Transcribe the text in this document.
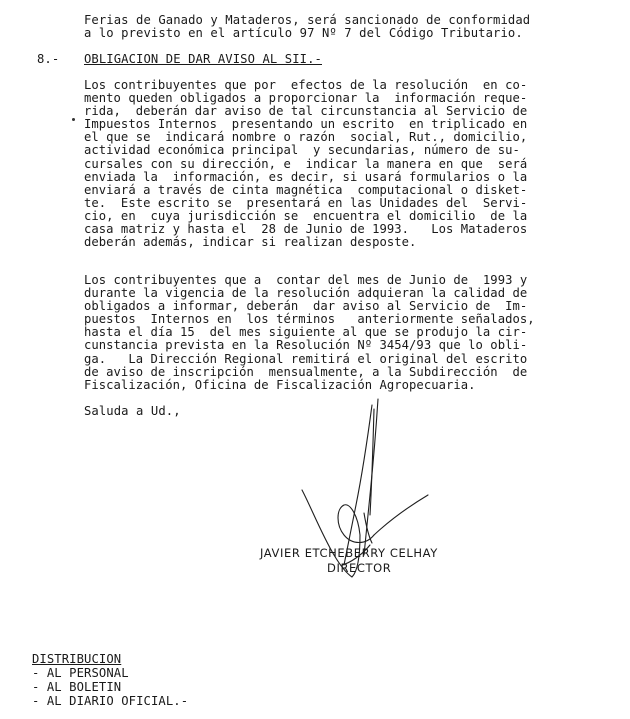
Ferias de Ganado y Mataderos, será sancionado de conformidad
a lo previsto en el artículo 97 Nº 7 del Código Tributario.
8.- OBLIGACION DE DAR AVISO AL SII.-
Los contribuyentes que por  efectos de la resolución  en co-
mento queden obligados a proporcionar la  información reque-
rida,  deberán dar aviso de tal circunstancia al Servicio de
Impuestos Internos  presentando un escrito  en triplicado en
el que se  indicará nombre o razón  social, Rut., domicilio,
actividad económica principal  y secundarias, número de su-
cursales con su dirección, e  indicar la manera en que  será
enviada la  información, es decir, si usará formularios o la
enviará a través de cinta magnética  computacional o disket-
te.  Este escrito se  presentará en las Unidades del  Servi-
cio, en  cuya jurisdicción se  encuentra el domicilio  de la
casa matriz y hasta el  28 de Junio de 1993.   Los Mataderos
deberán además, indicar si realizan desposte.
Los contribuyentes que a  contar del mes de Junio de  1993 y
durante la vigencia de la resolución adquieran la calidad de
obligados a informar, deberán  dar aviso al Servicio de  Im-
puestos  Internos en  los términos   anteriormente señalados,
hasta el día 15  del mes siguiente al que se produjo la cir-
cunstancia prevista en la Resolución Nº 3454/93 que lo obli-
ga.   La Dirección Regional remitirá el original del escrito
de aviso de inscripción  mensualmente, a la Subdirección  de
Fiscalización, Oficina de Fiscalización Agropecuaria.
Saluda a Ud.,
JAVIER ETCHEBERRY CELHAY
DIRECTOR
DISTRIBUCION
- AL PERSONAL
- AL BOLETIN
- AL DIARIO OFICIAL.-
